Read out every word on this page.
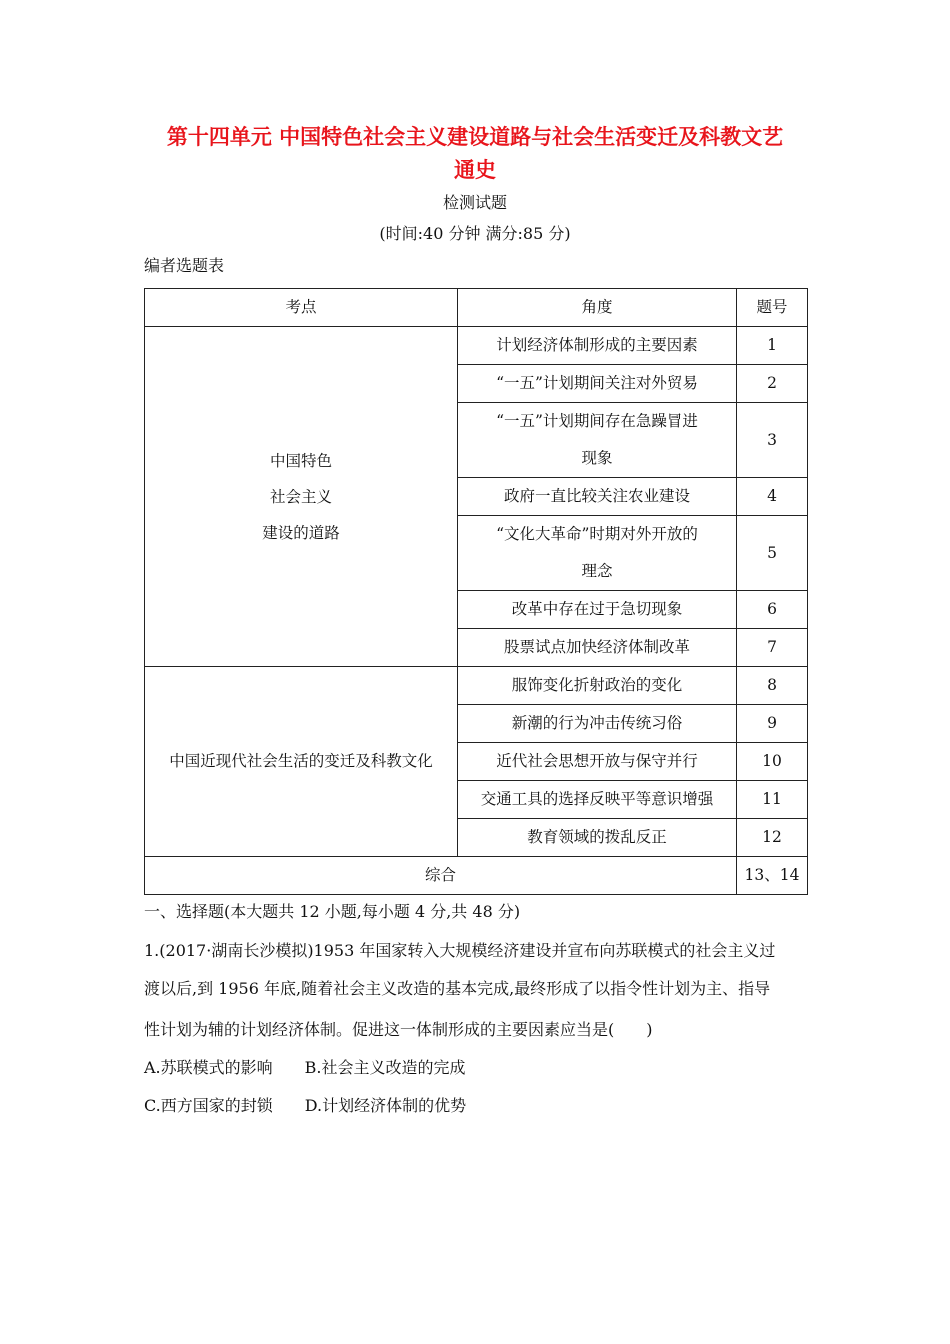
第十四单元 中国特色社会主义建设道路与社会生活变迁及科教文艺
通史
检测试题
(时间:40 分钟 满分:85 分)
编者选题表
考点	角度	题号

中国特色
社会主义
建设的道路	计划经济体制形成的主要因素	1
	“一五”计划期间关注对外贸易	2

	“一五”计划期间存在急躁冒进
现象	3
	政府一直比较关注农业建设	4

	“文化大革命”时期对外开放的
理念	5
	改革中存在过于急切现象	6
	股票试点加快经济体制改革	7
中国近现代社会生活的变迁及科教文化	服饰变化折射政治的变化	8
	新潮的行为冲击传统习俗	9
	近代社会思想开放与保守并行	10
	交通工具的选择反映平等意识增强	11
	教育领域的拨乱反正	12
综合		13、14
一、选择题(本大题共 12 小题,每小题 4 分,共 48 分)
1.(2017·湖南长沙模拟)1953 年国家转入大规模经济建设并宣布向苏联模式的社会主义过
渡以后,到 1956 年底,随着社会主义改造的基本完成,最终形成了以指令性计划为主、指导
性计划为辅的计划经济体制。促进这一体制形成的主要因素应当是(　　)
A.苏联模式的影响　　B.社会主义改造的完成
C.西方国家的封锁　　D.计划经济体制的优势
